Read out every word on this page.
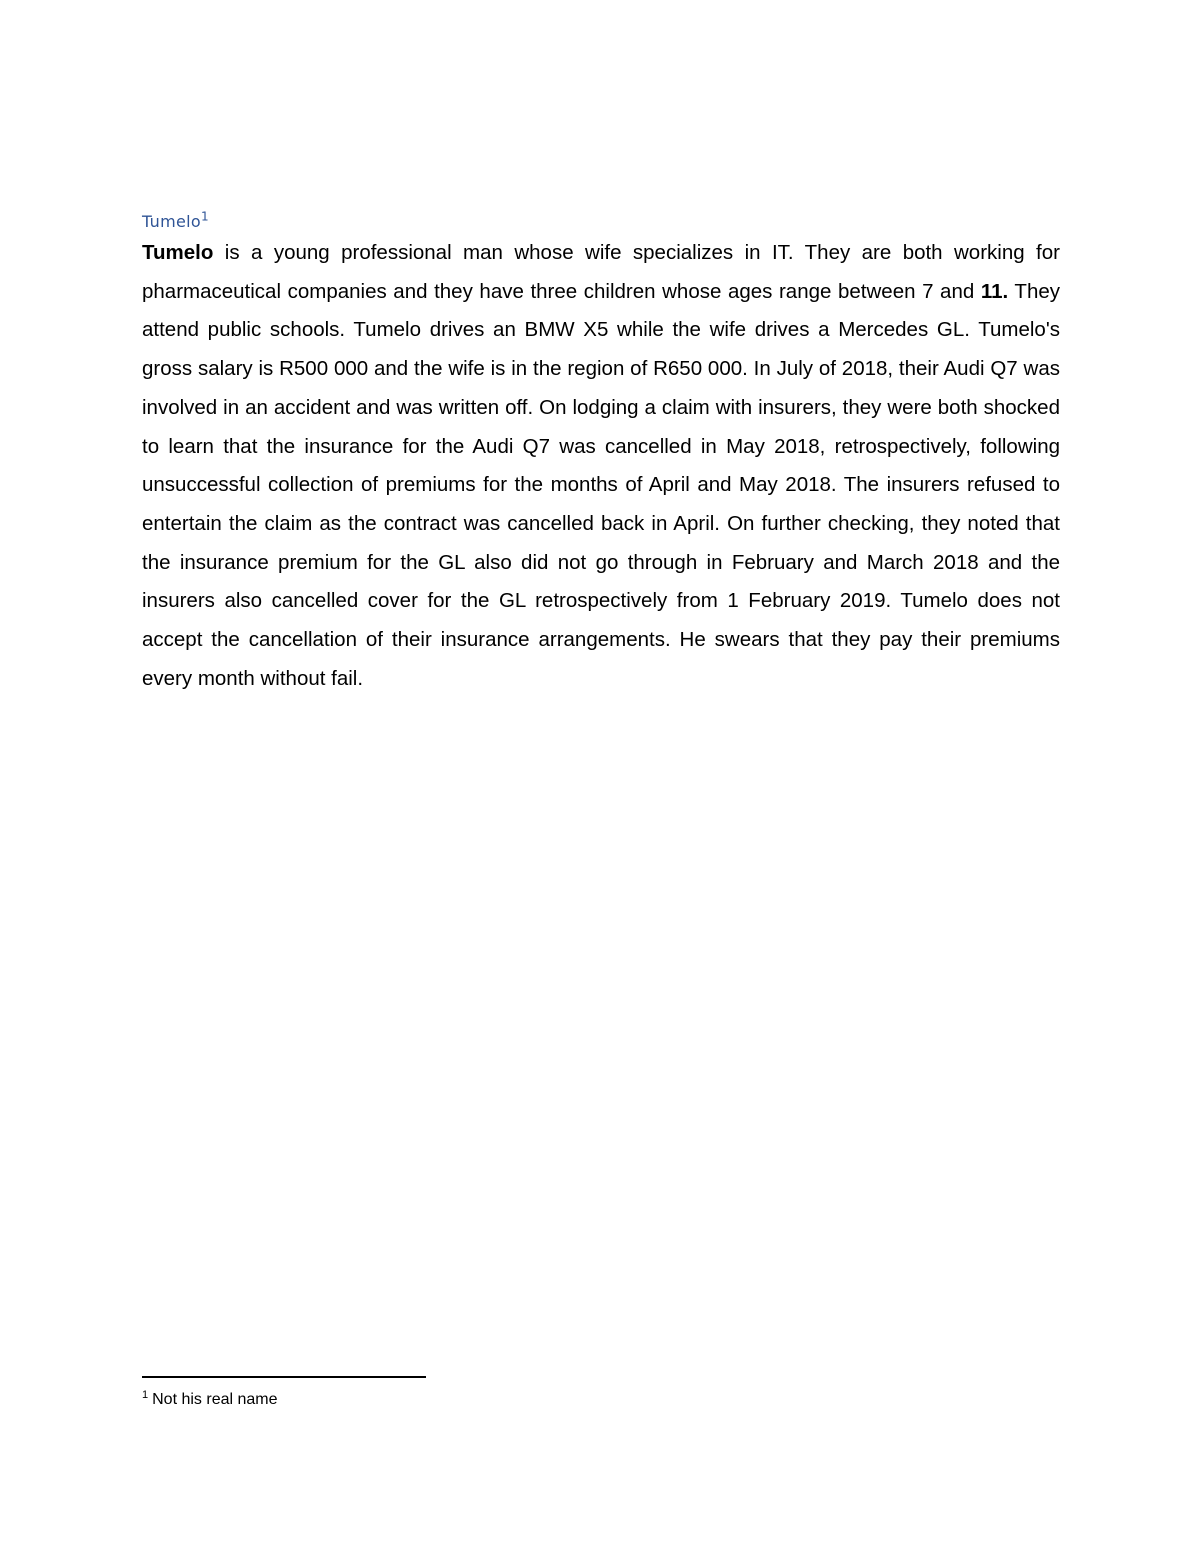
Tumelo$^1$

Tumelo is a young professional man whose wife specializes in IT. They are both working for pharmaceutical companies and they have three children whose ages range between 7 and 11. They attend public schools. Tumelo drives an BMW X5 while the wife drives a Mercedes GL. Tumelo's gross salary is R500 000 and the wife is in the region of R650 000. In July of 2018, their Audi Q7 was involved in an accident and was written off. On lodging a claim with insurers, they were both shocked to learn that the insurance for the Audi Q7 was cancelled in May 2018, retrospectively, following unsuccessful collection of premiums for the months of April and May 2018. The insurers refused to entertain the claim as the contract was cancelled back in April. On further checking, they noted that the insurance premium for the GL also did not go through in February and March 2018 and the insurers also cancelled cover for the GL retrospectively from 1 February 2019. Tumelo does not accept the cancellation of their insurance arrangements. He swears that they pay their premiums every month without fail.

$^1$ Not his real name
